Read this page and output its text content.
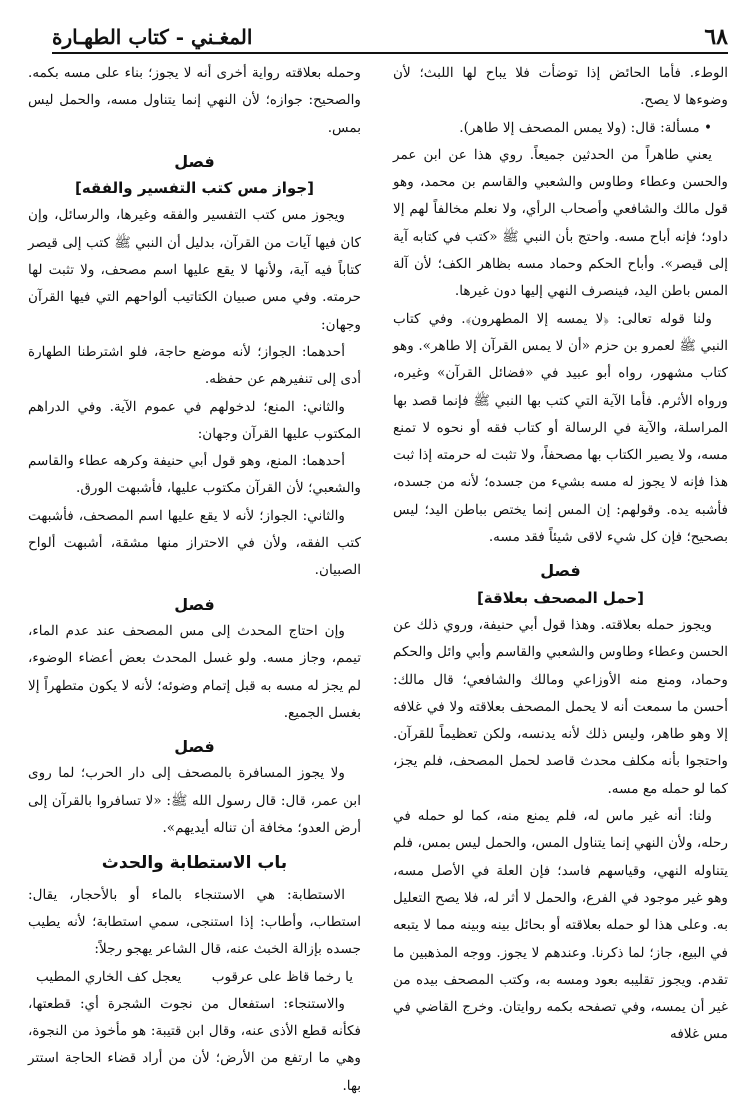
٦٨
المغـني - كتاب الطهـارة

الوطء. فأما الحائض إذا توضأت فلا يباح لها اللبث؛ لأن وضوءها لا يصح.

• مسألة: قال: (ولا يمس المصحف إلا طاهر).

يعني طاهراً من الحدثين جميعاً. روي هذا عن ابن عمر والحسن وعطاء وطاوس والشعبي والقاسم بن محمد، وهو قول مالك والشافعي وأصحاب الرأي، ولا نعلم مخالفاً لهم إلا داود؛ فإنه أباح مسه. واحتج بأن النبي ﷺ «كتب في كتابه آية إلى قيصر». وأباح الحكم وحماد مسه بظاهر الكف؛ لأن آلة المس باطن اليد، فينصرف النهي إليها دون غيرها.

ولنا قوله تعالى: ﴿لا يمسه إلا المطهرون﴾. وفي كتاب النبي ﷺ لعمرو بن حزم «أن لا يمس القرآن إلا طاهر». وهو كتاب مشهور، رواه أبو عبيد في «فضائل القرآن» وغيره، ورواه الأثرم. فأما الآية التي كتب بها النبي ﷺ فإنما قصد بها المراسلة، والآية في الرسالة أو كتاب فقه أو نحوه لا تمنع مسه، ولا يصير الكتاب بها مصحفاً، ولا تثبت له حرمته إذا ثبت هذا فإنه لا يجوز له مسه بشيء من جسده؛ لأنه من جسده، فأشبه يده. وقولهم: إن المس إنما يختص بباطن اليد؛ ليس بصحيح؛ فإن كل شيء لاقى شيئاً فقد مسه.

فصل
[حمل المصحف بعلاقة]

ويجوز حمله بعلاقته. وهذا قول أبي حنيفة، وروي ذلك عن الحسن وعطاء وطاوس والشعبي والقاسم وأبي وائل والحكم وحماد، ومنع منه الأوزاعي ومالك والشافعي؛ قال مالك: أحسن ما سمعت أنه لا يحمل المصحف بعلاقته ولا في غلافه إلا وهو طاهر، وليس ذلك لأنه يدنسه، ولكن تعظيماً للقرآن. واحتجوا بأنه مكلف محدث قاصد لحمل المصحف، فلم يجز، كما لو حمله مع مسه.

ولنا: أنه غير ماس له، فلم يمنع منه، كما لو حمله في رحله، ولأن النهي إنما يتناول المس، والحمل ليس بمس، فلم يتناوله النهي، وقياسهم فاسد؛ فإن العلة في الأصل مسه، وهو غير موجود في الفرع، والحمل لا أثر له، فلا يصح التعليل به. وعلى هذا لو حمله بعلاقته أو بحائل بينه وبينه مما لا يتبعه في البيع، جاز؛ لما ذكرنا. وعندهم لا يجوز. ووجه المذهبين ما تقدم. ويجوز تقليبه بعود ومسه به، وكتب المصحف بيده من غير أن يمسه، وفي تصفحه بكمه روايتان. وخرج القاضي في مس غلافه

وحمله بعلاقته رواية أخرى أنه لا يجوز؛ بناء على مسه بكمه. والصحيح: جوازه؛ لأن النهي إنما يتناول مسه، والحمل ليس بمس.

فصل
[جواز مس كتب التفسير والفقه]

ويجوز مس كتب التفسير والفقه وغيرها، والرسائل، وإن كان فيها آيات من القرآن، بدليل أن النبي ﷺ كتب إلى قيصر كتاباً فيه آية، ولأنها لا يقع عليها اسم مصحف، ولا تثبت لها حرمته. وفي مس صبيان الكتاتيب ألواحهم التي فيها القرآن وجهان:

أحدهما: الجواز؛ لأنه موضع حاجة، فلو اشترطنا الطهارة أدى إلى تنفيرهم عن حفظه.

والثاني: المنع؛ لدخولهم في عموم الآية. وفي الدراهم المكتوب عليها القرآن وجهان:

أحدهما: المنع، وهو قول أبي حنيفة وكرهه عطاء والقاسم والشعبي؛ لأن القرآن مكتوب عليها، فأشبهت الورق.

والثاني: الجواز؛ لأنه لا يقع عليها اسم المصحف، فأشبهت كتب الفقه، ولأن في الاحتراز منها مشقة، أشبهت ألواح الصبيان.

فصل

وإن احتاج المحدث إلى مس المصحف عند عدم الماء، تيمم، وجاز مسه. ولو غسل المحدث بعض أعضاء الوضوء، لم يجز له مسه به قبل إتمام وضوئه؛ لأنه لا يكون متطهراً إلا بغسل الجميع.

فصل

ولا يجوز المسافرة بالمصحف إلى دار الحرب؛ لما روى ابن عمر، قال: قال رسول الله ﷺ: «لا تسافروا بالقرآن إلى أرض العدو؛ مخافة أن تناله أيديهم».

باب الاستطابة والحدث

الاستطابة: هي الاستنجاء بالماء أو بالأحجار، يقال: استطاب، وأطاب: إذا استنجى، سمي استطابة؛ لأنه يطيب جسده بإزالة الخبث عنه، قال الشاعر يهجو رجلاً:

يا رخما قاظ على عرقوب
يعجل كف الخاري المطيب

والاستنجاء: استفعال من نجوت الشجرة أي: قطعتها، فكأنه قطع الأذى عنه، وقال ابن قتيبة: هو مأخوذ من النجوة، وهي ما ارتفع من الأرض؛ لأن من أراد قضاء الحاجة استتر بها.
